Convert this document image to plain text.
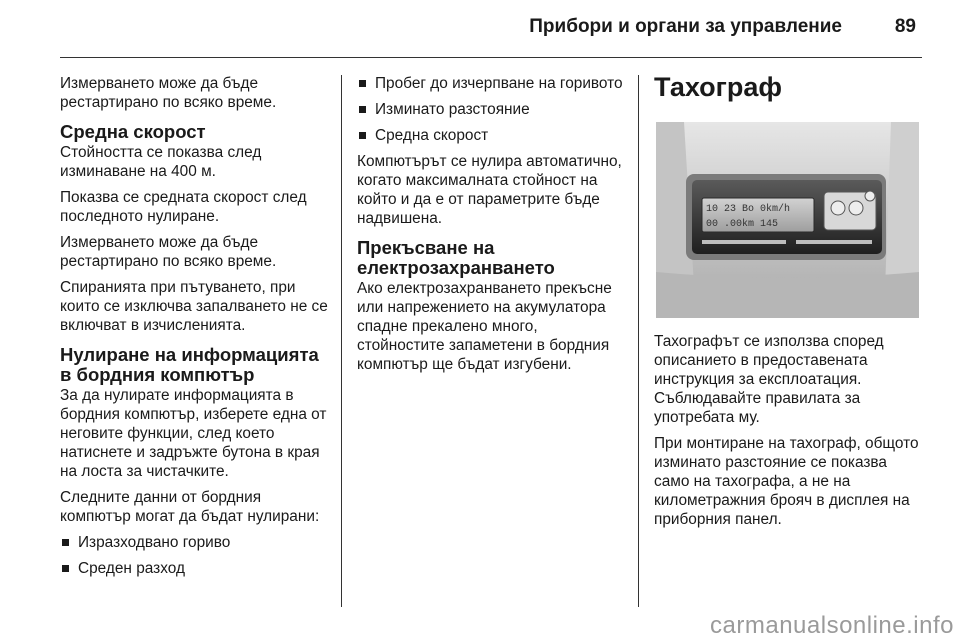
Прибори и органи за управление	89

Измерването може да бъде рестартирано по всяко време.

Средна скорост

Стойността се показва след изминаване на 400 м.

Показва се средната скорост след последното нулиране.

Измерването може да бъде рестартирано по всяко време.

Спиранията при пътуването, при които се изключва запалването не се включват в изчисленията.

Нулиране на информацията в бордния компютър

За да нулирате информацията в бордния компютър, изберете една от неговите функции, след което натиснете и задръжте бутона в края на лоста за чистачките.

Следните данни от бордния компютър могат да бъдат нулирани:

Изразходвано гориво
Среден разход
Пробег до изчерпване на горивото
Изминато разстояние
Средна скорост

Компютърът се нулира автоматично, когато максималната стойност на който и да е от параметрите бъде надвишена.

Прекъсване на електрозахранването

Ако електрозахранването прекъсне или напрежението на акумулатора спадне прекалено много, стойностите запаметени в бордния компютър ще бъдат изгубени.

Тахограф
10 23 Bo 0km/h
00 .00km 145

Тахографът се използва според описанието в предоставената инструкция за експлоатация. Съблюдавайте правилата за употребата му.

При монтиране на тахограф, общото изминато разстояние се показва само на тахографа, а не на километражния брояч в дисплея на приборния панел.

carmanualsonline.info
